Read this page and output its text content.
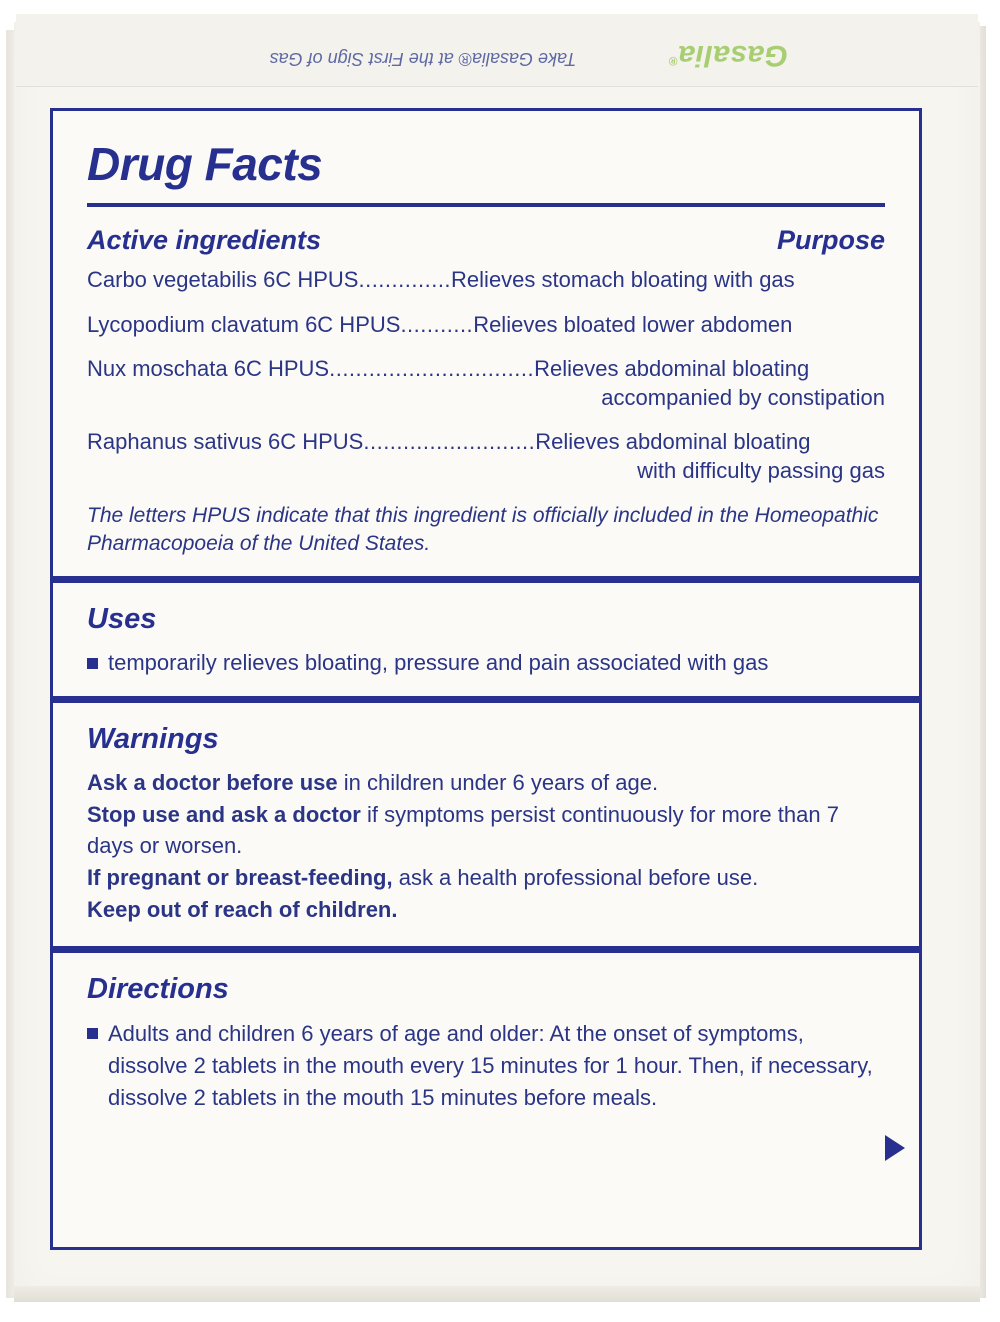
Gasalia®
Take Gasalia® at the First Sign of Gas
Drug Facts
Active ingredients	Purpose
Carbo vegetabilis 6C HPUS..............Relieves stomach bloating with gas
Lycopodium clavatum 6C HPUS...........Relieves bloated lower abdomen
Nux moschata 6C HPUS...............................Relieves abdominal bloating
accompanied by constipation
Raphanus sativus 6C HPUS..........................Relieves abdominal bloating
with difficulty passing gas
The letters HPUS indicate that this ingredient is officially included in the Homeopathic Pharmacopoeia of the United States.
Uses
temporarily relieves bloating, pressure and pain associated with gas
Warnings
Ask a doctor before use in children under 6 years of age.
Stop use and ask a doctor if symptoms persist continuously for more than 7 days or worsen.
If pregnant or breast-feeding, ask a health professional before use.
Keep out of reach of children.
Directions
Adults and children 6 years of age and older: At the onset of symptoms, dissolve 2 tablets in the mouth every 15 minutes for 1 hour. Then, if necessary, dissolve 2 tablets in the mouth 15 minutes before meals.
